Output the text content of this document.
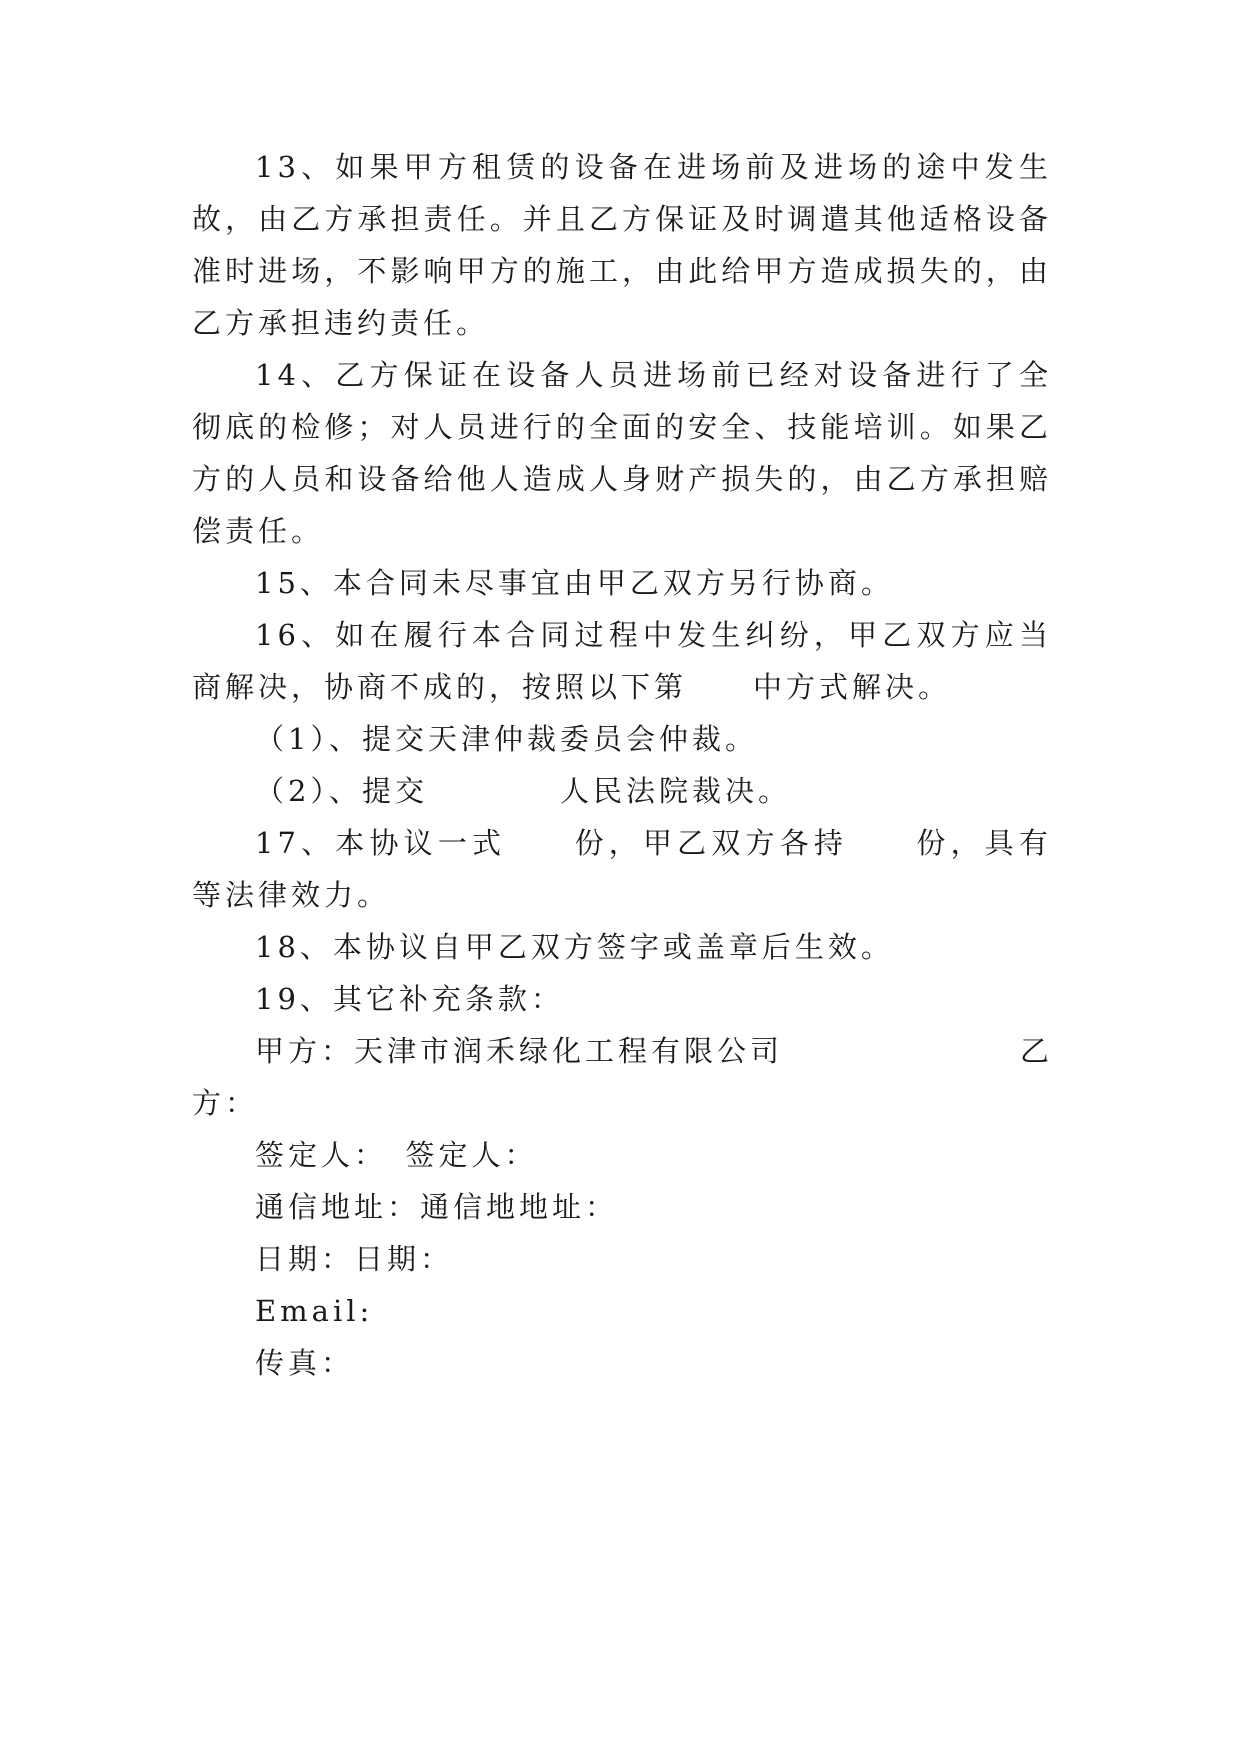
13、如果甲方租赁的设备在进场前及进场的途中发生
故，由乙方承担责任。并且乙方保证及时调遣其他适格设备
准时进场，不影响甲方的施工，由此给甲方造成损失的，由
乙方承担违约责任。
14、乙方保证在设备人员进场前已经对设备进行了全
彻底的检修；对人员进行的全面的安全、技能培训。如果乙
方的人员和设备给他人造成人身财产损失的，由乙方承担赔
偿责任。
15、本合同未尽事宜由甲乙双方另行协商。
16、如在履行本合同过程中发生纠纷，甲乙双方应当
商解决，协商不成的，按照以下第　　中方式解决。
（1）、提交天津仲裁委员会仲裁。
（2）、提交　　　　人民法院裁决。
17、本协议一式　　份，甲乙双方各持　　份，具有
等法律效力。
18、本协议自甲乙双方签字或盖章后生效。
19、其它补充条款：
甲方：天津市润禾绿化工程有限公司	乙
方：
签定人：　签定人：
通信地址：通信地地址：
日期：日期：
Email:
传真：
